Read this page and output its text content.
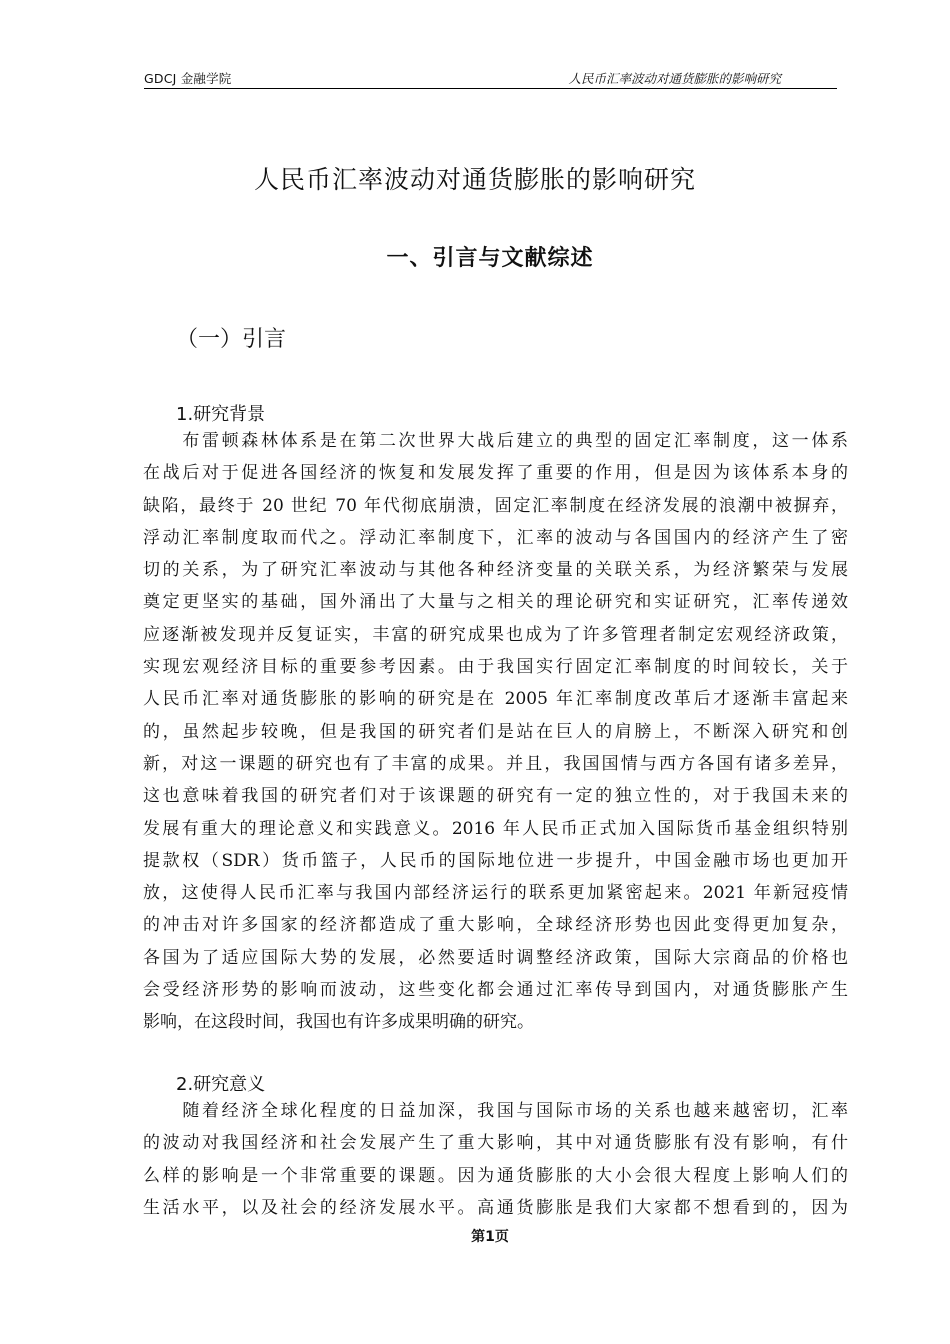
GDCJ 金融学院	人民币汇率波动对通货膨胀的影响研究
人民币汇率波动对通货膨胀的影响研究
一、引言与文献综述
（一）引言
1.研究背景
　　布雷顿森林体系是在第二次世界大战后建立的典型的固定汇率制度，这一体系
在战后对于促进各国经济的恢复和发展发挥了重要的作用，但是因为该体系本身的
缺陷，最终于 20 世纪 70 年代彻底崩溃，固定汇率制度在经济发展的浪潮中被摒弃，
浮动汇率制度取而代之。浮动汇率制度下，汇率的波动与各国国内的经济产生了密
切的关系，为了研究汇率波动与其他各种经济变量的关联关系，为经济繁荣与发展
奠定更坚实的基础，国外涌出了大量与之相关的理论研究和实证研究，汇率传递效
应逐渐被发现并反复证实，丰富的研究成果也成为了许多管理者制定宏观经济政策，
实现宏观经济目标的重要参考因素。由于我国实行固定汇率制度的时间较长，关于
人民币汇率对通货膨胀的影响的研究是在 2005 年汇率制度改革后才逐渐丰富起来
的，虽然起步较晚，但是我国的研究者们是站在巨人的肩膀上，不断深入研究和创
新，对这一课题的研究也有了丰富的成果。并且，我国国情与西方各国有诸多差异，
这也意味着我国的研究者们对于该课题的研究有一定的独立性的，对于我国未来的
发展有重大的理论意义和实践意义。2016 年人民币正式加入国际货币基金组织特别
提款权（SDR）货币篮子，人民币的国际地位进一步提升，中国金融市场也更加开
放，这使得人民币汇率与我国内部经济运行的联系更加紧密起来。2021 年新冠疫情
的冲击对许多国家的经济都造成了重大影响，全球经济形势也因此变得更加复杂，
各国为了适应国际大势的发展，必然要适时调整经济政策，国际大宗商品的价格也
会受经济形势的影响而波动，这些变化都会通过汇率传导到国内，对通货膨胀产生
影响，在这段时间，我国也有许多成果明确的研究。
2.研究意义
　　随着经济全球化程度的日益加深，我国与国际市场的关系也越来越密切，汇率
的波动对我国经济和社会发展产生了重大影响，其中对通货膨胀有没有影响，有什
么样的影响是一个非常重要的课题。因为通货膨胀的大小会很大程度上影响人们的
生活水平，以及社会的经济发展水平。高通货膨胀是我们大家都不想看到的，因为
第1页
